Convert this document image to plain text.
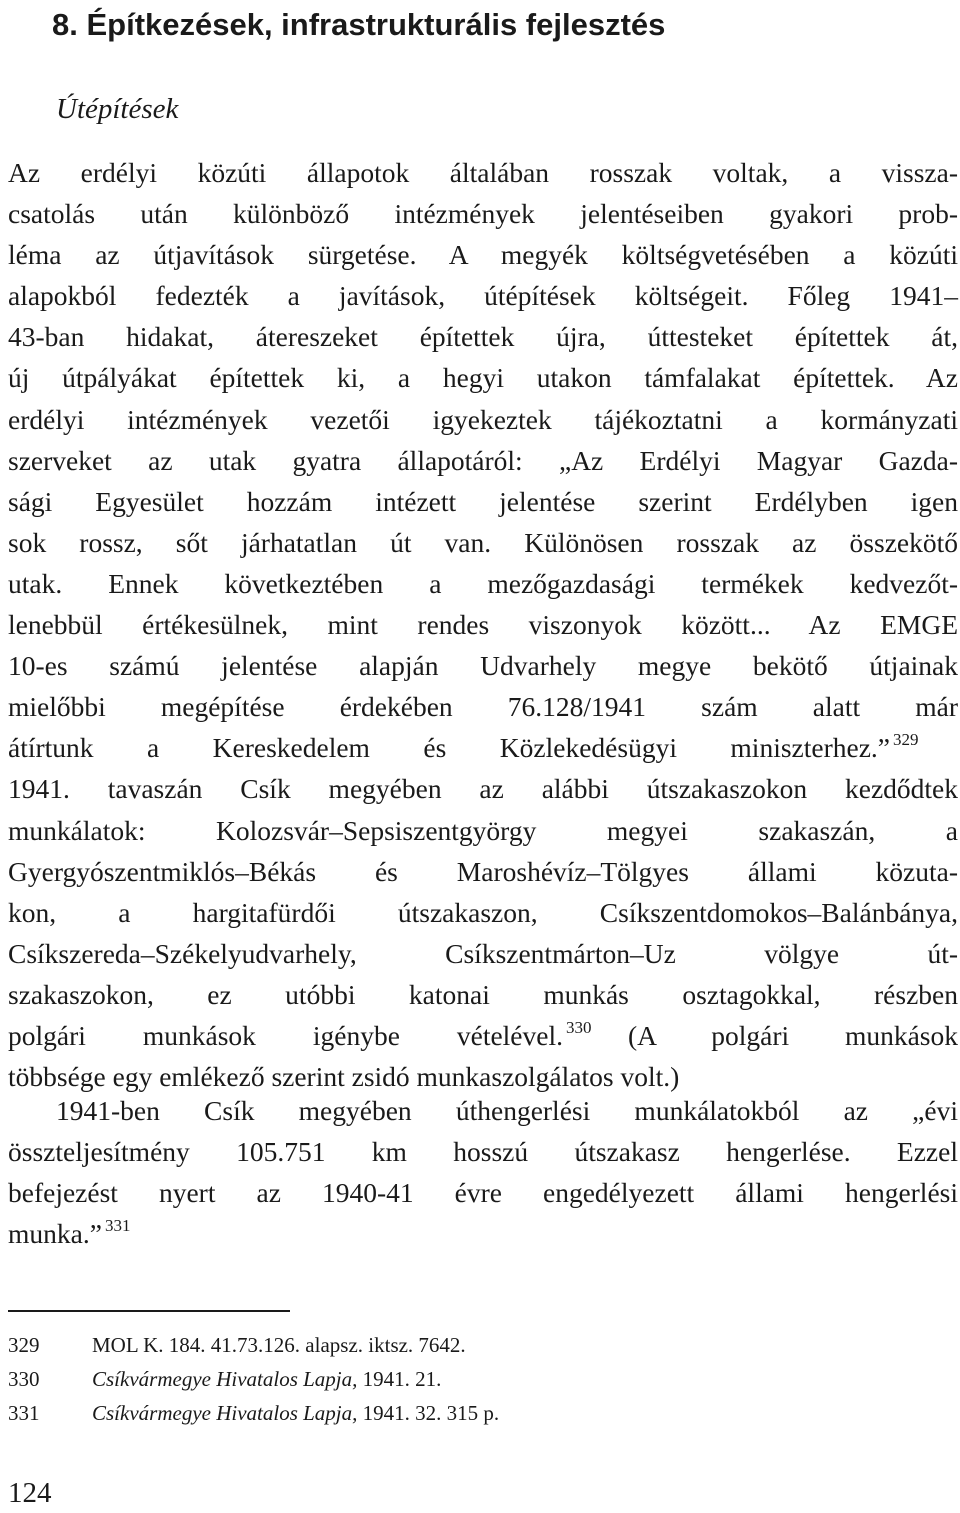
8. Építkezések, infrastrukturális fejlesztés
Útépítések
Az erdélyi közúti állapotok általában rosszak voltak, a vissza-
csatolás után különböző intézmények jelentéseiben gyakori prob-
léma az útjavítások sürgetése. A megyék költségvetésében a közúti
alapokból fedezték a javítások, útépítések költségeit. Főleg 1941–
43-ban hidakat, átereszeket építettek újra, úttesteket építettek át,
új útpályákat építettek ki, a hegyi utakon támfalakat építettek. Az
erdélyi intézmények vezetői igyekeztek tájékoztatni a kormányzati
szerveket az utak gyatra állapotáról: „Az Erdélyi Magyar Gazda-
sági Egyesület hozzám intézett jelentése szerint Erdélyben igen
sok rossz, sőt járhatatlan út van. Különösen rosszak az összekötő
utak. Ennek következtében a mezőgazdasági termékek kedvezőt-
lenebbül értékesülnek, mint rendes viszonyok között... Az EMGE
10-es számú jelentése alapján Udvarhely megye bekötő útjainak
mielőbbi megépítése érdekében 76.128/1941 szám alatt már
átírtunk a Kereskedelem és Közlekedésügyi miniszterhez.” $^{329}$
1941. tavaszán Csík megyében az alábbi útszakaszokon kezdődtek
munkálatok: Kolozsvár–Sepsiszentgyörgy megyei szakaszán, a
Gyergyószentmiklós–Békás és Maroshévíz–Tölgyes állami közuta-
kon, a hargitafürdői útszakaszon, Csíkszentdomokos–Balánbánya,
Csíkszereda–Székelyudvarhely, Csíkszentmárton–Uz völgye út-
szakaszokon, ez utóbbi katonai munkás osztagokkal, részben
polgári munkások igénybe vételével. $^{330}$ (A polgári munkások
többsége egy emlékező szerint zsidó munkaszolgálatos volt.)
1941-ben Csík megyében úthengerlési munkálatokból az „évi
összteljesítmény 105.751 km hosszú útszakasz hengerlése. Ezzel
befejezést nyert az 1940-41 évre engedélyezett állami hengerlési
munka.” $^{331}$
329	MOL K. 184. 41.73.126. alapsz. iktsz. 7642.
330	Csíkvármegye Hivatalos Lapja, 1941. 21.
331	Csíkvármegye Hivatalos Lapja, 1941. 32. 315 p.

124
